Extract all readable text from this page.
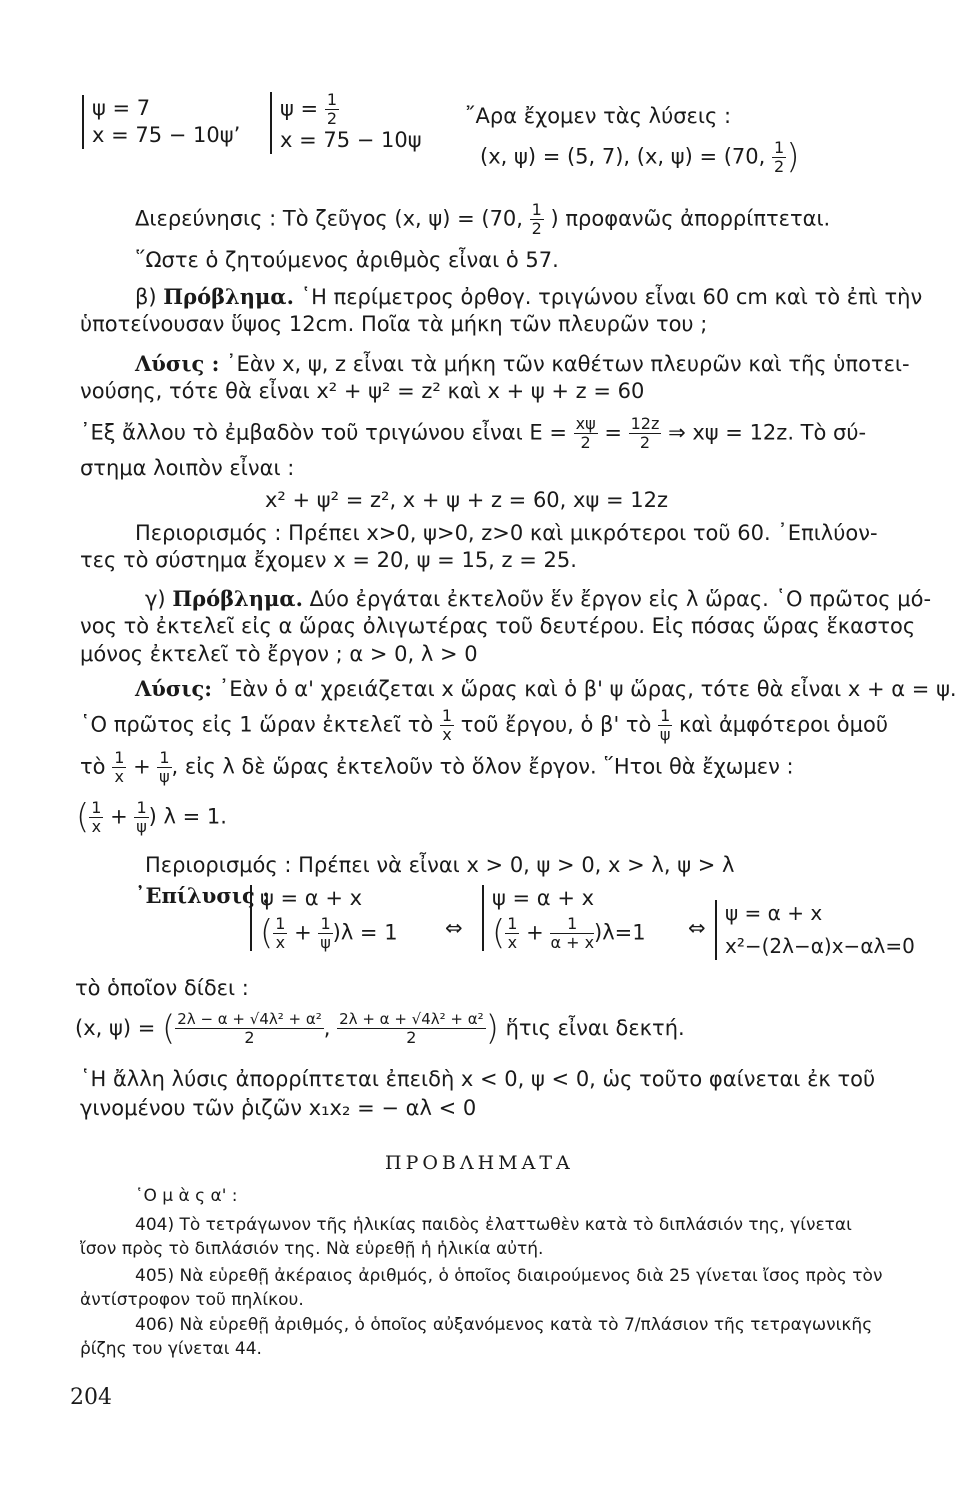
ψ = 7
x = 75 − 10ψ’
$\psi = \frac{1}{2}$
x = 75 − 10ψ
῎Αρα ἔχομεν τὰς λύσεις :
(x, ψ) = (5, 7), (x, ψ) = (70, $\frac{1}{2}$ )
Διερεύνησις : Τὸ ζεῦγος (x, ψ) = (70, $\frac{1}{2}$ ) προφανῶς ἀπορρίπτεται.
῞Ωστε ὁ ζητούμενος ἀριθμὸς εἶναι ὁ 57.
β) Πρόβλημα. ῾Η περίμετρος ὀρθογ. τριγώνου εἶναι 60 cm καὶ τὸ ἐπὶ τὴν
ὑποτείνουσαν ὕψος 12cm. Ποῖα τὰ μήκη τῶν πλευρῶν του ;
Λύσις : ᾿Εὰν x, ψ, z εἶναι τὰ μήκη τῶν καθέτων πλευρῶν καὶ τῆς ὑποτει-
νούσης, τότε θὰ εἶναι x² + ψ² = z² καὶ x + ψ + z = 60
᾿Εξ ἄλλου τὸ ἐμβαδὸν τοῦ τριγώνου εἶναι $E = \frac{x\psi}{2} = \frac{12z}{2}$ ⇒ xψ = 12z. Τὸ σύ-
στημα λοιπὸν εἶναι :
x² + ψ² = z², x + ψ + z = 60, xψ = 12z
Περιορισμός : Πρέπει x>0, ψ>0, z>0 καὶ μικρότεροι τοῦ 60. ᾿Επιλύον-
τες τὸ σύστημα ἔχομεν x = 20, ψ = 15, z = 25.
γ) Πρόβλημα. Δύο ἐργάται ἐκτελοῦν ἕν ἔργον εἰς λ ὥρας. ῾Ο πρῶτος μό-
νος τὸ ἐκτελεῖ εἰς α ὥρας ὀλιγωτέρας τοῦ δευτέρου. Εἰς πόσας ὥρας ἕκαστος
μόνος ἐκτελεῖ τὸ ἔργον ; α > 0, λ > 0
Λύσις: ᾿Εὰν ὁ α' χρειάζεται x ὥρας καὶ ὁ β' ψ ὥρας, τότε θὰ εἶναι x + α = ψ.
῾Ο πρῶτος εἰς 1 ὥραν ἐκτελεῖ τὸ $\frac{1}{x}$ τοῦ ἔργου, ὁ β' τὸ $\frac{1}{\psi}$ καὶ ἀμφότεροι ὁμοῦ
τὸ $\frac{1}{x} + \frac{1}{\psi}$ , εἰς λ δὲ ὥρας ἐκτελοῦν τὸ ὅλον ἔργον. ῞Ητοι θὰ ἔχωμεν :
( $\frac{1}{x} + \frac{1}{\psi}$ ) λ = 1.
Περιορισμός : Πρέπει νὰ εἶναι x > 0, ψ > 0, x > λ, ψ > λ
᾿Επίλυσις :
ψ = α + x
( $\frac{1}{x} + \frac{1}{\psi} )\lambda = 1$ ⇔
ψ = α + x
( $\frac{1}{x} + \frac{1}{\alpha + x} )\lambda=1$ ⇔
ψ = α + x
x²−(2λ−α)x−αλ=0
τὸ ὁποῖον δίδει :
(x, ψ) = ( $\frac{\text{2λ − α + √4λ² + α²}}{2}$ , $\frac{\text{2λ + α + √4λ² + α²}}{2}$ ) ἥτις εἶναι δεκτή.
῾Η ἄλλη λύσις ἀπορρίπτεται ἐπειδὴ x < 0, ψ < 0, ὡς τοῦτο φαίνεται ἐκ τοῦ
γινομένου τῶν ῥιζῶν x₁x₂ = − αλ < 0
ΠΡΟΒΛΗΜΑΤΑ
῾Ο μ ὰ ς α' :
404) Τὸ τετράγωνον τῆς ἡλικίας παιδὸς ἐλαττωθὲν κατὰ τὸ διπλάσιόν της, γίνεται
ἴσον πρὸς τὸ διπλάσιόν της. Νὰ εὑρεθῇ ἡ ἡλικία αὐτή.
405) Νὰ εὑρεθῇ ἀκέραιος ἀριθμός, ὁ ὁποῖος διαιρούμενος διὰ 25 γίνεται ἴσος πρὸς τὸν
ἀντίστροφον τοῦ πηλίκου.
406) Νὰ εὑρεθῇ ἀριθμός, ὁ ὁποῖος αὐξανόμενος κατὰ τὸ 7/πλάσιον τῆς τετραγωνικῆς
ῥίζης του γίνεται 44.
204
